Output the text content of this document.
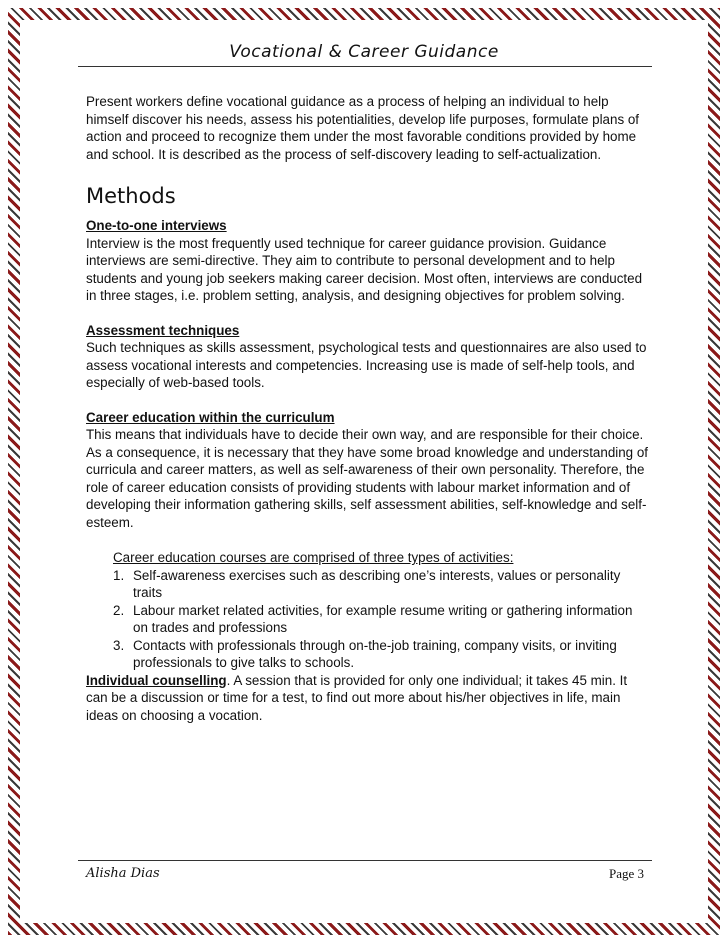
Vocational & Career Guidance

Present workers define vocational guidance as a process of helping an individual to help himself discover his needs, assess his potentialities, develop life purposes, formulate plans of action and proceed to recognize them under the most favorable conditions provided by home and school. It is described as the process of self-discovery leading to self-actualization.

Methods
One-to-one interviews

Interview is the most frequently used technique for career guidance provision. Guidance interviews are semi-directive. They aim to contribute to personal development and to help students and young job seekers making career decision. Most often, interviews are conducted in three stages, i.e. problem setting, analysis, and designing objectives for problem solving.

Assessment techniques

Such techniques as skills assessment, psychological tests and questionnaires are also used to assess vocational interests and competencies. Increasing use is made of self-help tools, and especially of web-based tools.

Career education within the curriculum

This means that individuals have to decide their own way, and are responsible for their choice. As a consequence, it is necessary that they have some broad knowledge and understanding of curricula and career matters, as well as self-awareness of their own personality. Therefore, the role of career education consists of providing students with labour market information and of developing their information gathering skills, self assessment abilities, self-knowledge and self-esteem.

Career education courses are comprised of three types of activities:
1. Self-awareness exercises such as describing one’s interests, values or personality traits
2. Labour market related activities, for example resume writing or gathering information on trades and professions
3. Contacts with professionals through on-the-job training, company visits, or inviting professionals to give talks to schools.

Individual counselling. A session that is provided for only one individual; it takes 45 min. It can be a discussion or time for a test, to find out more about his/her objectives in life, main ideas on choosing a vocation.

Alisha Dias	Page 3
